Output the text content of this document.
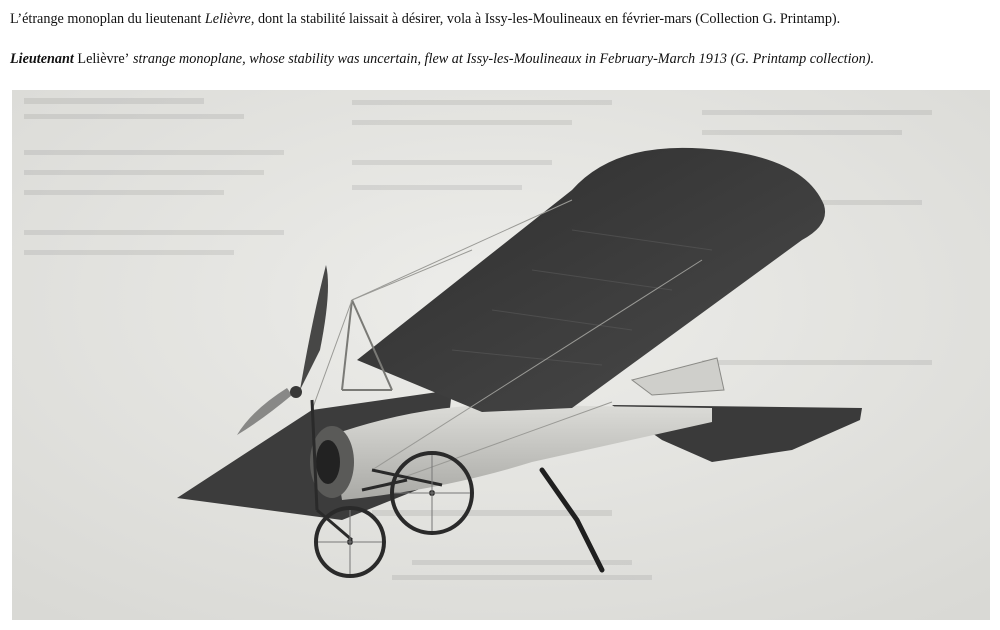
L’étrange monoplan du lieutenant Lelièvre, dont la stabilité laissait à désirer, vola à Issy-les-Moulineaux en février-mars (Collection G. Printamp).
Lieutenant Lelièvre’ strange monoplane, whose stability was uncertain, flew at Issy-les-Moulineaux in February-March 1913 (G. Printamp collection).
